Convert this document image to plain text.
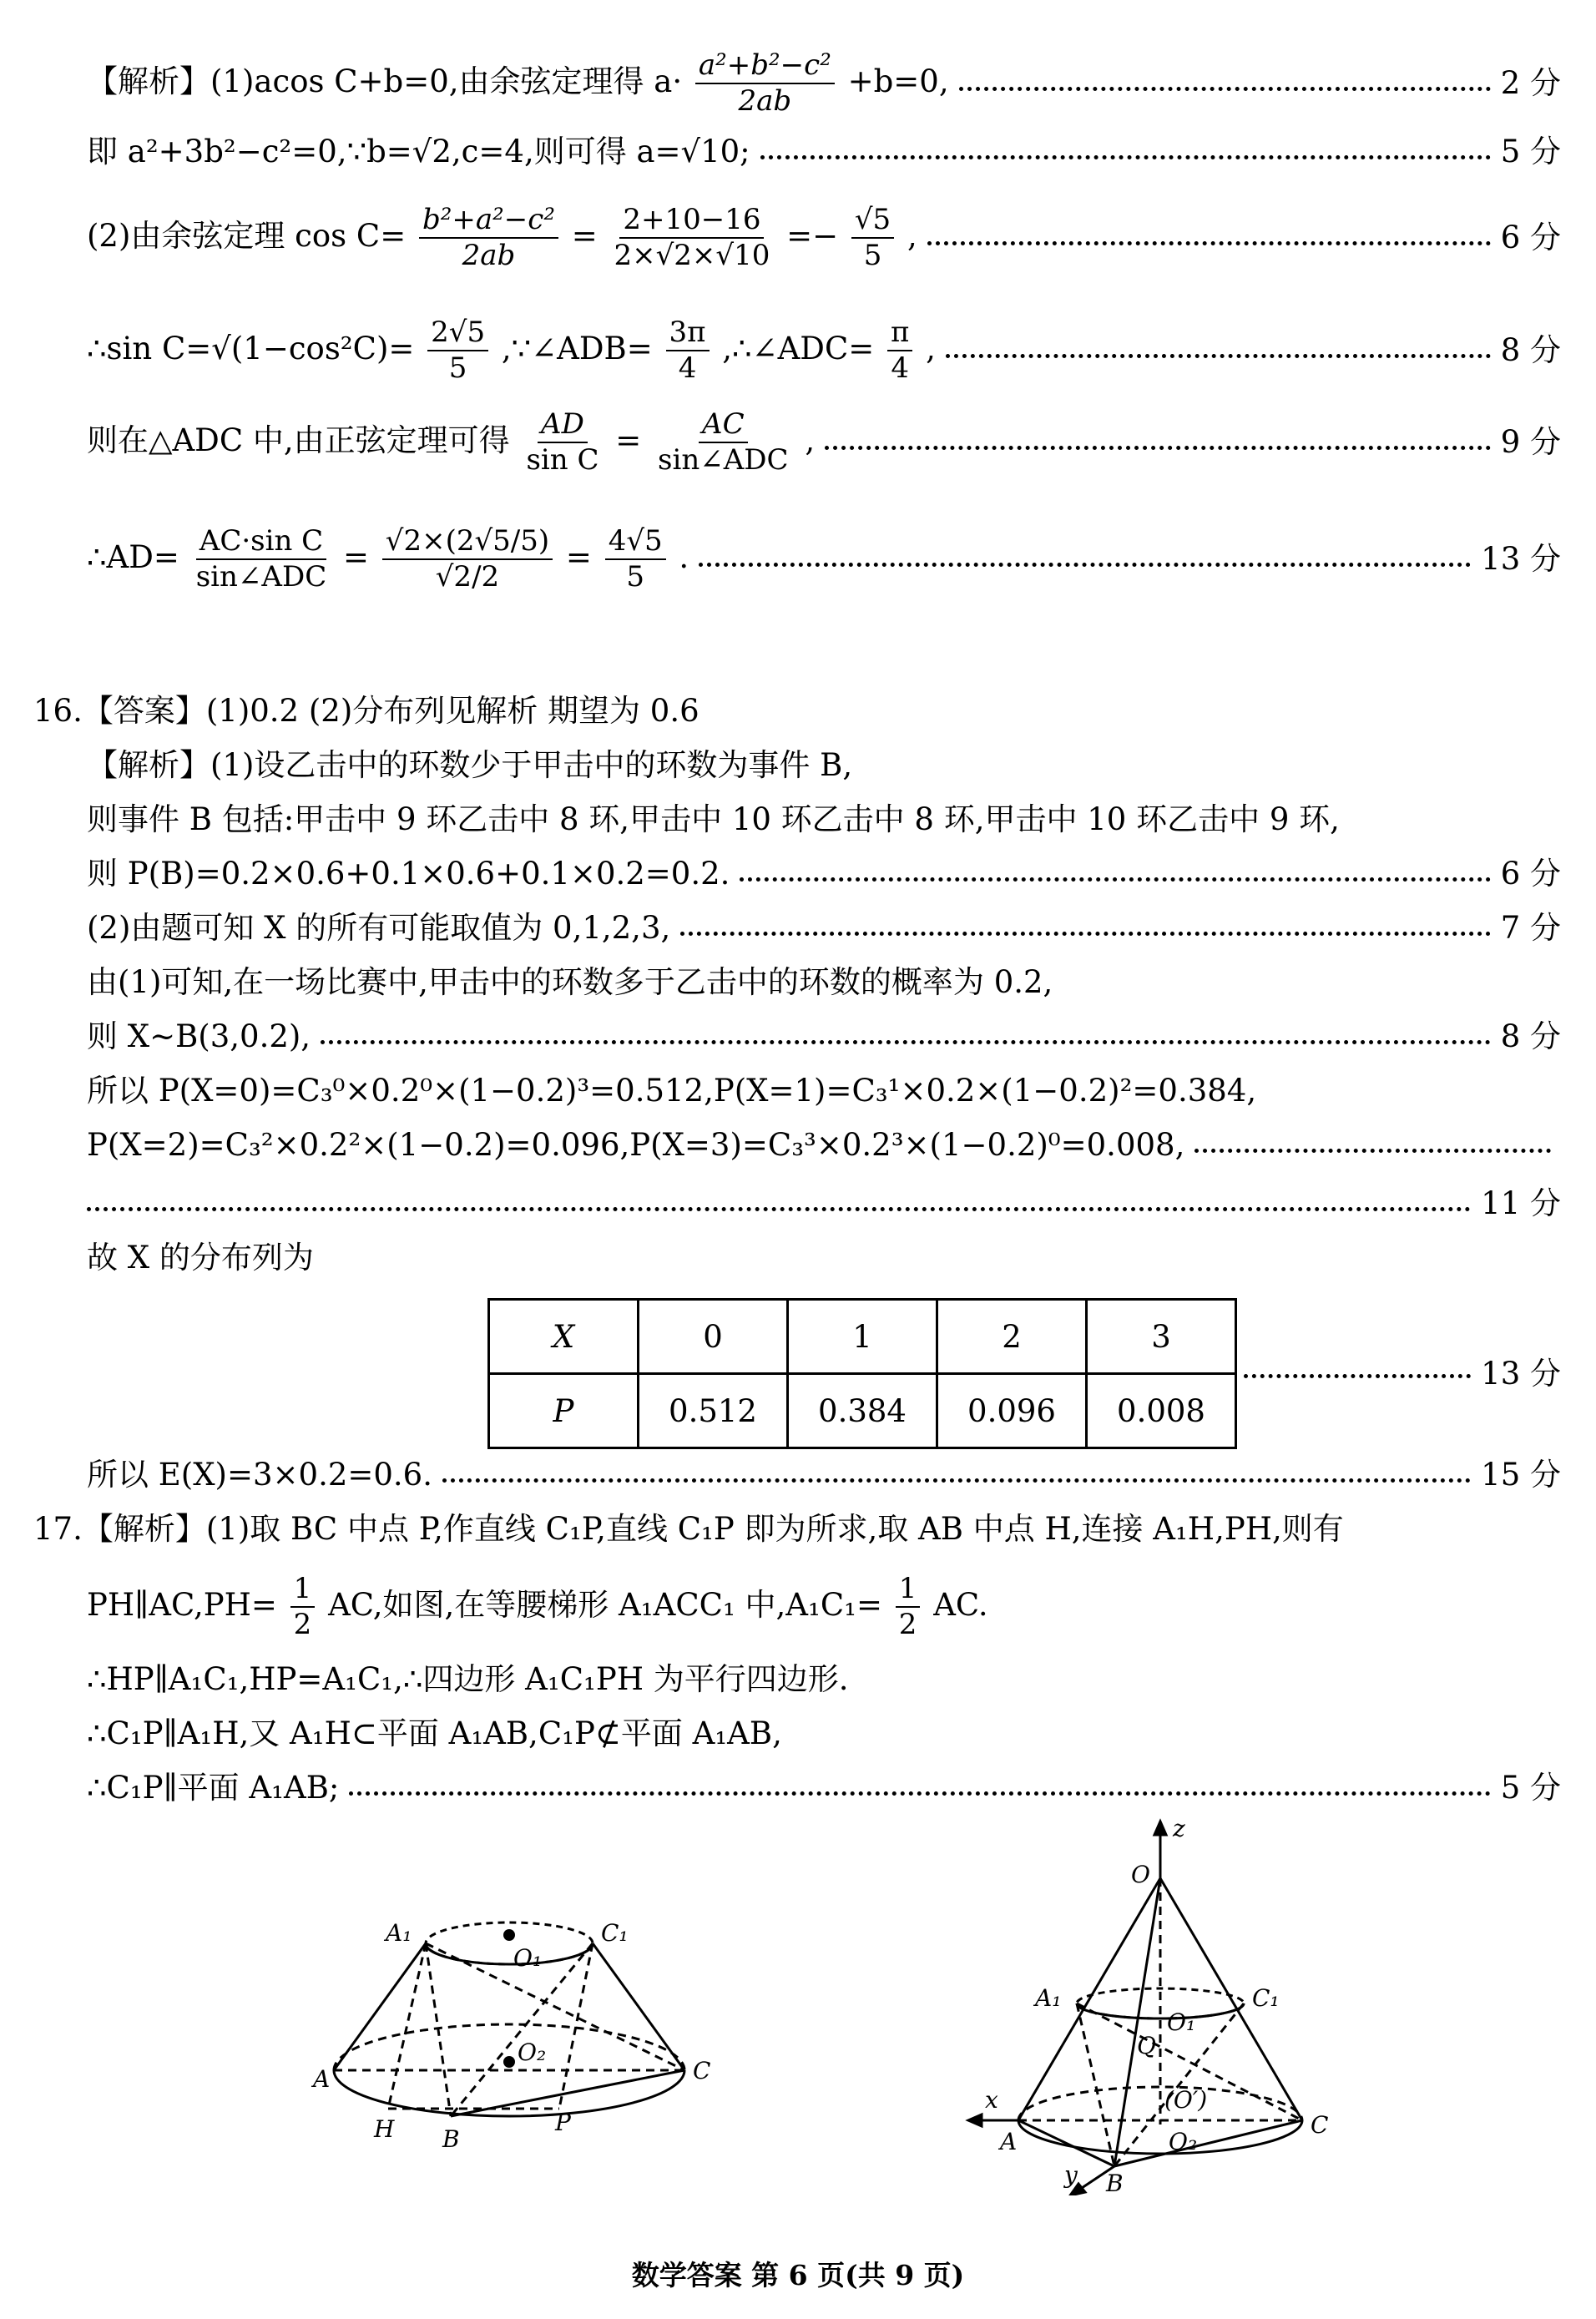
【解析】(1)acos C+b=0,由余弦定理得 $a\cdot \frac{\text{a²+b²−c²}}{2ab} +b=0$,	2 分
即 a²+3b²−c²=0,∵b=√2,c=4,则可得 a=√10;	5 分
(2)由余弦定理 $\cos C= \frac{\text{b²+a²−c²}}{2ab} = \frac{2+10-16}{2\times√2\times√10} =- \frac{√5}{5}$ ,	6 分
∴sin $C=√(1-\cos^2C)= \frac{2√5}{5}$ ,∵∠ADB= $\frac{3\pi}{4}$ ,∴∠ADC= $\frac{\pi}{4}$ ,	8 分
则在△ADC 中,由正弦定理可得 $\frac{AD}{\text{sin C}} = \frac{AC}{\text{sin∠ADC}}$ ,	9 分
∴AD= $\frac{\text{AC·sin C}}{\text{sin∠ADC}} = \frac{√2\times(2√5/5)}{√2/2} = \frac{4√5}{5}$ .	13 分
16.【答案】(1)0.2 (2)分布列见解析 期望为 0.6
【解析】(1)设乙击中的环数少于甲击中的环数为事件 B,
则事件 B 包括:甲击中 9 环乙击中 8 环,甲击中 10 环乙击中 8 环,甲击中 10 环乙击中 9 环,
则 P(B)=0.2×0.6+0.1×0.6+0.1×0.2=0.2.	6 分
(2)由题可知 X 的所有可能取值为 0,1,2,3,	7 分
由(1)可知,在一场比赛中,甲击中的环数多于乙击中的环数的概率为 0.2,
则 X~B(3,0.2),	8 分
所以 P(X=0)=C₃⁰×0.2⁰×(1−0.2)³=0.512,P(X=1)=C₃¹×0.2×(1−0.2)²=0.384,
P(X=2)=C₃²×0.2²×(1−0.2)=0.096,P(X=3)=C₃³×0.2³×(1−0.2)⁰=0.008,
11 分
故 X 的分布列为
X	0	1	2	3
P	0.512	0.384	0.096	0.008
13 分
所以 E(X)=3×0.2=0.6.	15 分
17.【解析】(1)取 BC 中点 P,作直线 C₁P,直线 C₁P 即为所求,取 AB 中点 H,连接 A₁H,PH,则有
PH∥AC,PH= $\frac{1}{2}$ AC,如图,在等腰梯形 A₁ACC₁ 中$,A_1C_1= \frac{1}{2}$ AC.
∴HP∥A₁C₁,HP=A₁C₁,∴四边形 A₁C₁PH 为平行四边形.
∴C₁P∥A₁H,又 A₁H⊂平面 A₁AB,C₁P⊄平面 A₁AB,
∴C₁P∥平面 A₁AB;	5 分
A₁	C₁
O₁
O₂
A	C
H B
P
z
O
A₁	C₁
O₁
Q
(O′)
O₂
x
A
C
y B
数学答案 第 6 页(共 9 页)
